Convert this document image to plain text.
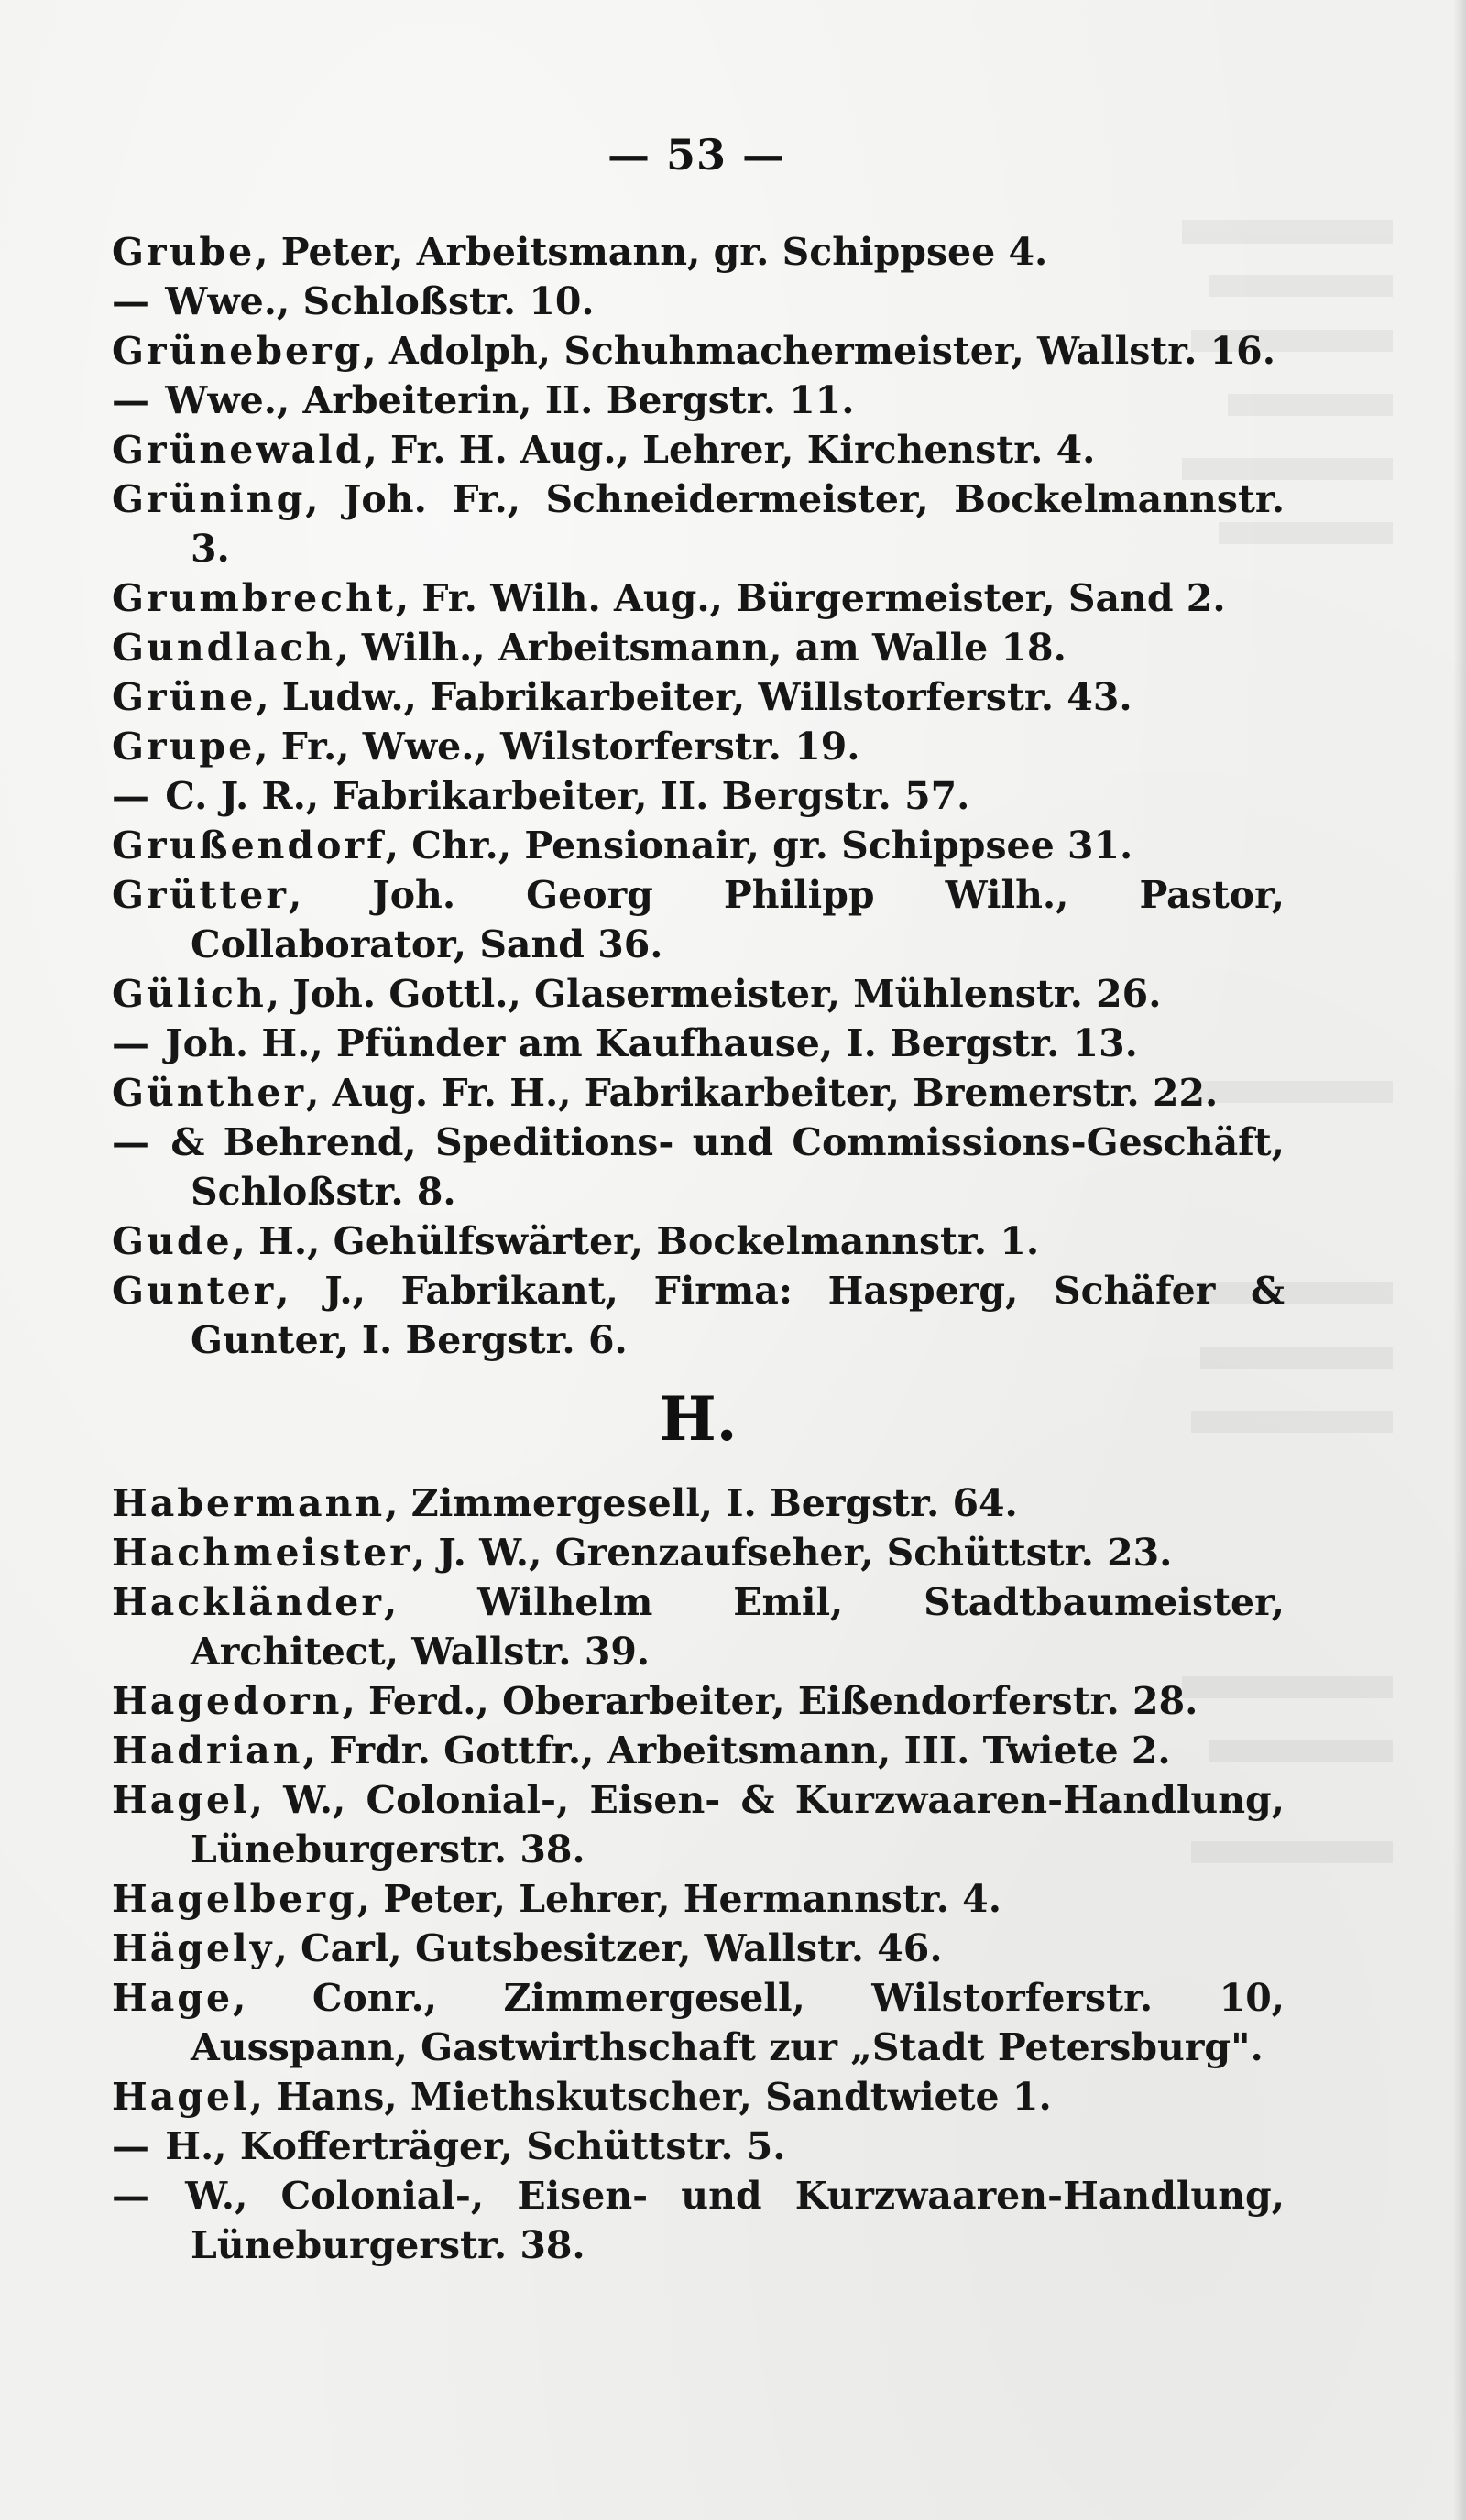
— 53 —

Grube, Peter, Arbeitsmann, gr. Schippsee 4.

— Wwe., Schloßstr. 10.

Grüneberg, Adolph, Schuhmachermeister, Wallstr. 16.

— Wwe., Arbeiterin, II. Bergstr. 11.

Grünewald, Fr. H. Aug., Lehrer, Kirchenstr. 4.

Grüning, Joh. Fr., Schneidermeister, Bockelmannstr. 3.

Grumbrecht, Fr. Wilh. Aug., Bürgermeister, Sand 2.

Gundlach, Wilh., Arbeitsmann, am Walle 18.

Grüne, Ludw., Fabrikarbeiter, Willstorferstr. 43.

Grupe, Fr., Wwe., Wilstorferstr. 19.

— C. J. R., Fabrikarbeiter, II. Bergstr. 57.

Grußendorf, Chr., Pensionair, gr. Schippsee 31.

Grütter, Joh. Georg Philipp Wilh., Pastor, Collaborator, Sand 36.

Gülich, Joh. Gottl., Glasermeister, Mühlenstr. 26.

— Joh. H., Pfünder am Kaufhause, I. Bergstr. 13.

Günther, Aug. Fr. H., Fabrikarbeiter, Bremerstr. 22.

— & Behrend, Speditions- und Commissions-Geschäft, Schloßstr. 8.

Gude, H., Gehülfswärter, Bockelmannstr. 1.

Gunter, J., Fabrikant, Firma: Hasperg, Schäfer & Gunter, I. Bergstr. 6.

H.

Habermann, Zimmergesell, I. Bergstr. 64.

Hachmeister, J. W., Grenzaufseher, Schüttstr. 23.

Hackländer, Wilhelm Emil, Stadtbaumeister, Architect, Wallstr. 39.

Hagedorn, Ferd., Oberarbeiter, Eißendorferstr. 28.

Hadrian, Frdr. Gottfr., Arbeitsmann, III. Twiete 2.

Hagel, W., Colonial-, Eisen- & Kurzwaaren-Handlung, Lüneburgerstr. 38.

Hagelberg, Peter, Lehrer, Hermannstr. 4.

Hägely, Carl, Gutsbesitzer, Wallstr. 46.

Hage, Conr., Zimmergesell, Wilstorferstr. 10, Ausspann, Gastwirthschaft zur „Stadt Petersburg".

Hagel, Hans, Miethskutscher, Sandtwiete 1.

— H., Kofferträger, Schüttstr. 5.

— W., Colonial-, Eisen- und Kurzwaaren-Handlung, Lüneburgerstr. 38.
